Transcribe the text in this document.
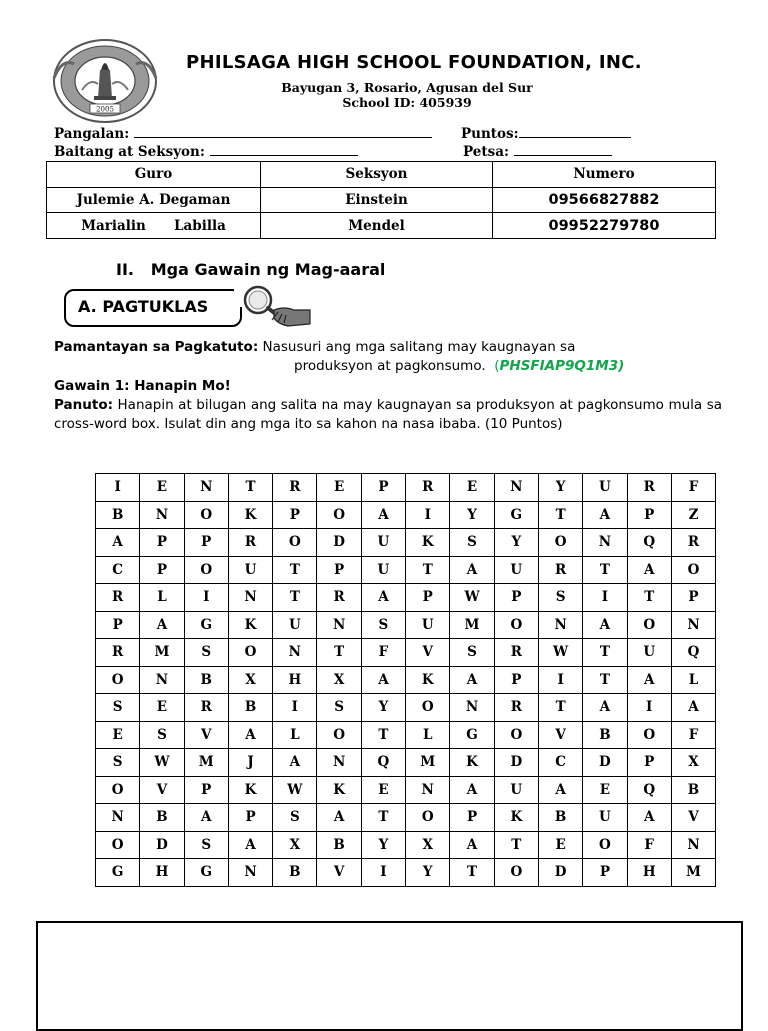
2005
PHILSAGA HIGH SCHOOL FOUNDATION, INC.
Bayugan 3, Rosario, Agusan del Sur
School ID: 405939
Pangalan:	Puntos:
Baitang at Seksyon:	Petsa:
Guro	Seksyon	Numero
Julemie A. Degaman	Einstein	09566827882
Marialin      Labilla	Mendel	09952279780
II.   Mga Gawain ng Mag-aaral
A. PAGTUKLAS
Pamantayan sa Pagkatuto: Nasusuri ang mga salitang may kaugnayan sa
produksyon at pagkonsumo. (PHSFIAP9Q1M3)
Gawain 1: Hanapin Mo!
Panuto: Hanapin at bilugan ang salita na may kaugnayan sa produksyon at pagkonsumo mula sa cross-word box. Isulat din ang mga ito sa kahon na nasa ibaba. (10 Puntos)
I	E	N	T	R	E	P	R	E	N	Y	U	R	F
B	N	O	K	P	O	A	I	Y	G	T	A	P	Z
A	P	P	R	O	D	U	K	S	Y	O	N	Q	R
C	P	O	U	T	P	U	T	A	U	R	T	A	O
R	L	I	N	T	R	A	P	W	P	S	I	T	P
P	A	G	K	U	N	S	U	M	O	N	A	O	N
R	M	S	O	N	T	F	V	S	R	W	T	U	Q
O	N	B	X	H	X	A	K	A	P	I	T	A	L
S	E	R	B	I	S	Y	O	N	R	T	A	I	A
E	S	V	A	L	O	T	L	G	O	V	B	O	F
S	W	M	J	A	N	Q	M	K	D	C	D	P	X
O	V	P	K	W	K	E	N	A	U	A	E	Q	B
N	B	A	P	S	A	T	O	P	K	B	U	A	V
O	D	S	A	X	B	Y	X	A	T	E	O	F	N
G	H	G	N	B	V	I	Y	T	O	D	P	H	M
